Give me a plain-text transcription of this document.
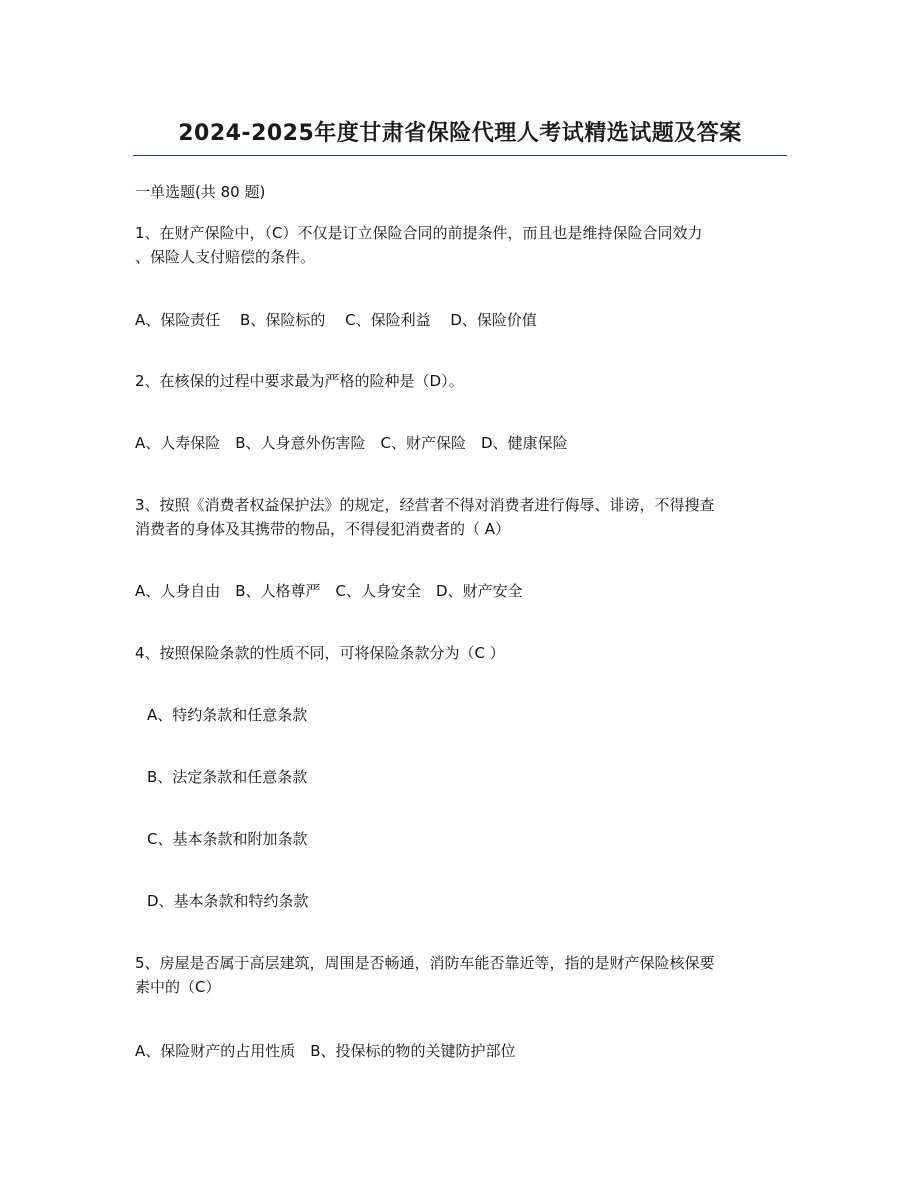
2024-2025年度甘肃省保险代理人考试精选试题及答案
一单选题(共 80 题)
1、在财产保险中，（C）不仅是订立保险合同的前提条件，而且也是维持保险合同效力
、保险人支付赔偿的条件。
A、保险责任　 B、保险标的　 C、保险利益　 D、保险价值
2、在核保的过程中要求最为严格的险种是（D）。
A、人寿保险　B、人身意外伤害险　C、财产保险　D、健康保险
3、按照《消费者权益保护法》的规定，经营者不得对消费者进行侮辱、诽谤，不得搜查
消费者的身体及其携带的物品，不得侵犯消费者的（ A）
A、人身自由　B、人格尊严　C、人身安全　D、财产安全
4、按照保险条款的性质不同，可将保险条款分为（C ）
A、特约条款和任意条款
B、法定条款和任意条款
C、基本条款和附加条款
D、基本条款和特约条款
5、房屋是否属于高层建筑，周围是否畅通，消防车能否靠近等，指的是财产保险核保要
素中的（C）
A、保险财产的占用性质　B、投保标的物的关键防护部位
